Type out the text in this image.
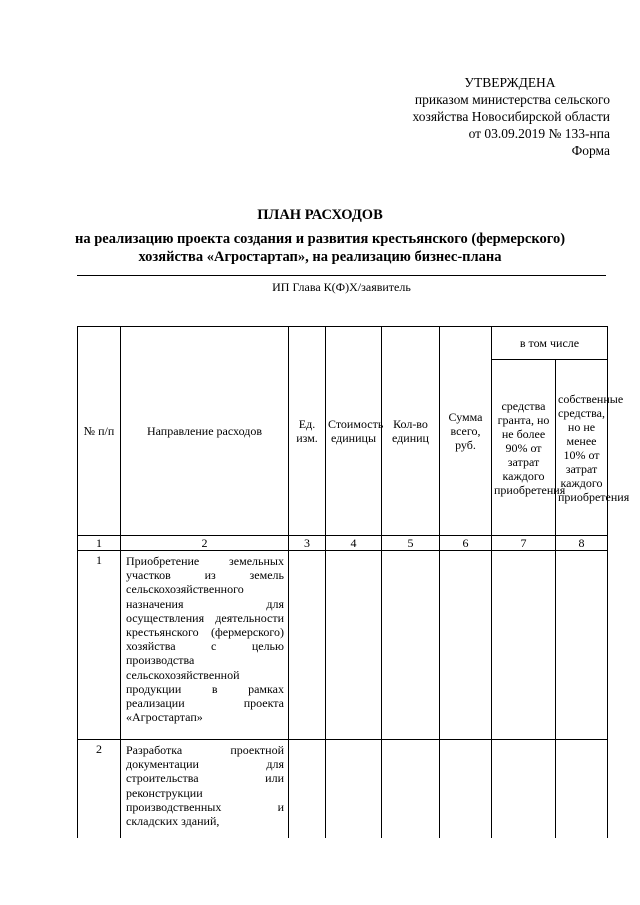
УТВЕРЖДЕНА
приказом министерства сельского
хозяйства Новосибирской области
от 03.09.2019 № 133-нпа
Форма
ПЛАН РАСХОДОВ
на реализацию проекта создания и развития крестьянского (фермерского)
хозяйства «Агростартап», на реализацию бизнес-плана
ИП Глава К(Ф)Х/заявитель
№ п/п	Направление расходов	Ед. изм.	Стоимость единицы	Кол-во единиц	Сумма всего, руб.	в том числе	
						средства гранта, но не более 90% от затрат каждого приобретения	собственные средства, но не менее 10% от затрат каждого приобретения
1	2	3	4	5	6	7	8
1	Приобретение земельных участков из земель сельскохозяйственного назначения для осуществления деятельности крестьянского (фермерского) хозяйства с целью производства сельскохозяйственной продукции в рамках реализации проекта «Агростартап»						
2	Разработка проектной документации для строительства или реконструкции производственных и складских зданий,						
